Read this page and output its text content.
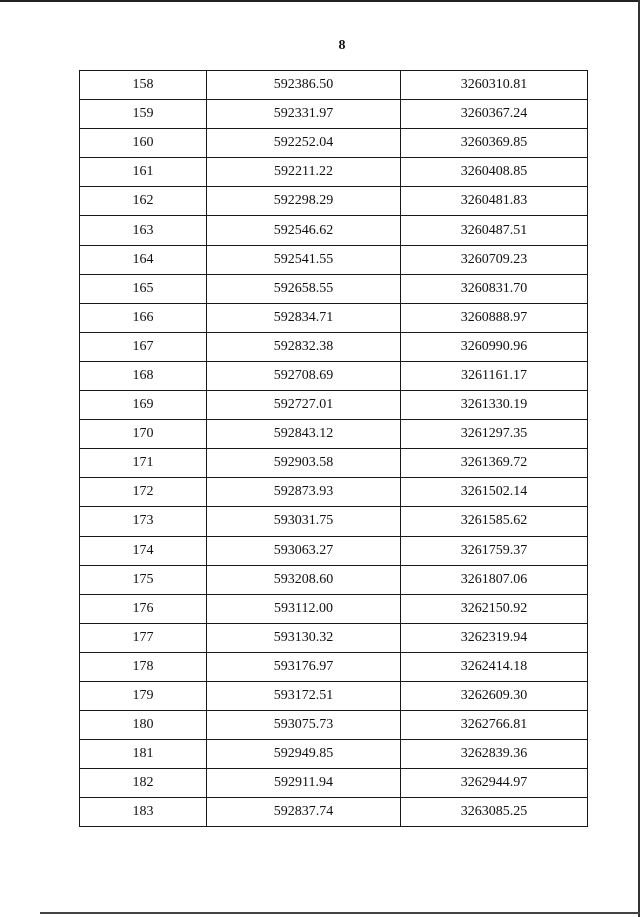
8
158	592386.50	3260310.81
159	592331.97	3260367.24
160	592252.04	3260369.85
161	592211.22	3260408.85
162	592298.29	3260481.83
163	592546.62	3260487.51
164	592541.55	3260709.23
165	592658.55	3260831.70
166	592834.71	3260888.97
167	592832.38	3260990.96
168	592708.69	3261161.17
169	592727.01	3261330.19
170	592843.12	3261297.35
171	592903.58	3261369.72
172	592873.93	3261502.14
173	593031.75	3261585.62
174	593063.27	3261759.37
175	593208.60	3261807.06
176	593112.00	3262150.92
177	593130.32	3262319.94
178	593176.97	3262414.18
179	593172.51	3262609.30
180	593075.73	3262766.81
181	592949.85	3262839.36
182	592911.94	3262944.97
183	592837.74	3263085.25
